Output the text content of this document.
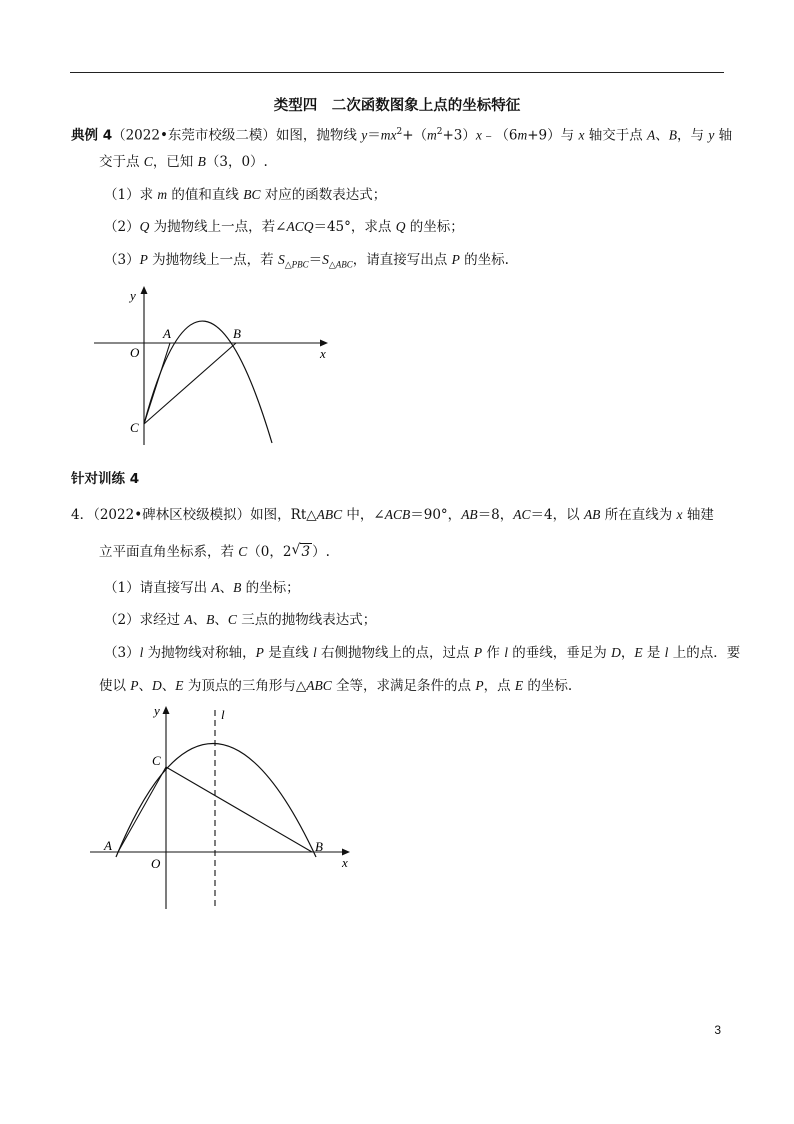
类型四　二次函数图象上点的坐标特征
典例 4（2022•东莞市校级二模）如图，抛物线 $y=mx^2+(m^2+3)x﹣(6m+9)$与 x 轴交于点 A、B，与 y 轴
交于点 C，已知 B（3，0）.
（1）求 m 的值和直线 BC 对应的函数表达式；
（2）Q 为抛物线上一点，若∠ACQ＝45°，求点 Q 的坐标；
（3）P 为抛物线上一点，若 $S_{\triangle PBC}=S_{\triangle ABC}$，请直接写出点 P 的坐标.
y
x
O
A	B
C
针对训练 4
4．（2022•碑林区校级模拟）如图，Rt△ABC 中，∠ACB＝90°，AB＝8，AC＝4，以 AB 所在直线为 x 轴建
立平面直角坐标系，若 C（0，2 √ 3 ）.
（1）请直接写出 A、B 的坐标；
（2）求经过 A、B、C 三点的抛物线表达式；
（3）l 为抛物线对称轴，P 是直线 l 右侧抛物线上的点，过点 P 作 l 的垂线，垂足为 D，E 是 l 上的点．要
使以 P、D、E 为顶点的三角形与△ABC 全等，求满足条件的点 P，点 E 的坐标.
y
x
O
A	B
C
l
3
